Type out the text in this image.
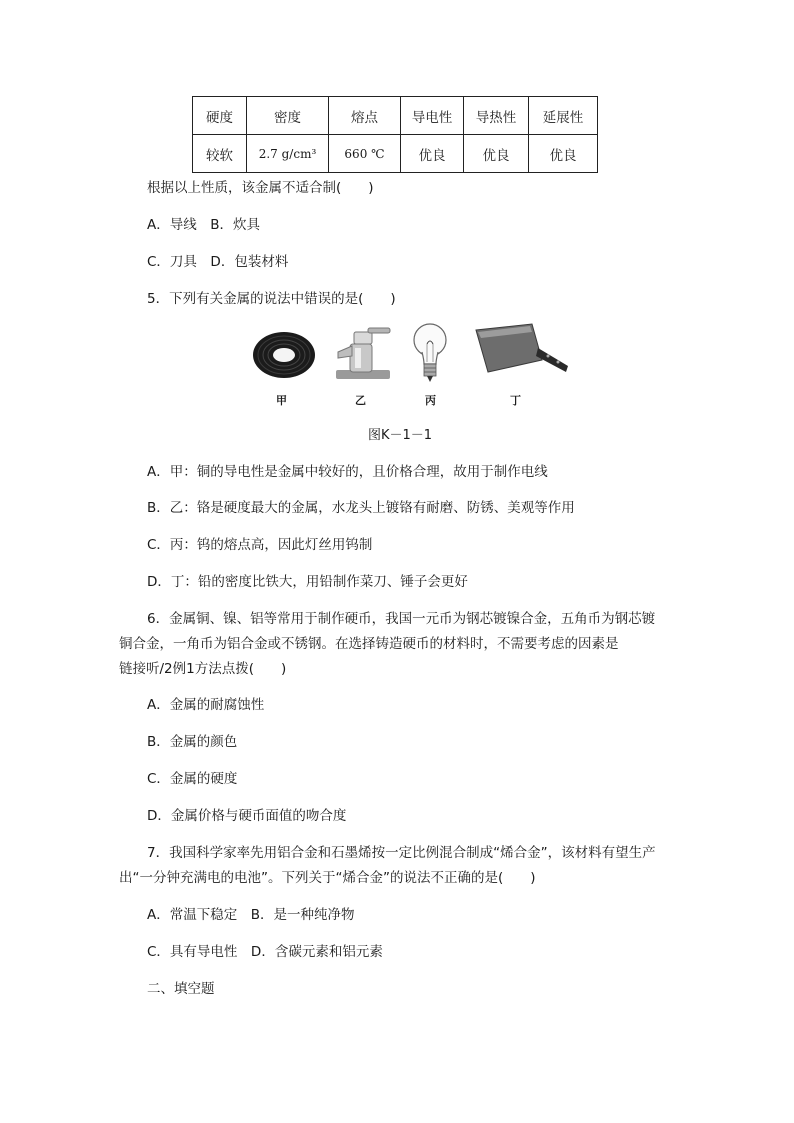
硬度	密度	熔点	导电性	导热性	延展性
较软	2.7 g/cm³	660 ℃	优良	优良	优良
根据以上性质，该金属不适合制(　　)
A．导线　B．炊具
C．刀具　D．包装材料
5．下列有关金属的说法中错误的是(　　)
甲	乙	丙	丁
图K－1－1
A．甲：铜的导电性是金属中较好的，且价格合理，故用于制作电线
B．乙：铬是硬度最大的金属，水龙头上镀铬有耐磨、防锈、美观等作用
C．丙：钨的熔点高，因此灯丝用钨制
D．丁：铅的密度比铁大，用铅制作菜刀、锤子会更好
6．金属铜、镍、铝等常用于制作硬币，我国一元币为钢芯镀镍合金，五角币为钢芯镀
铜合金，一角币为铝合金或不锈钢。在选择铸造硬币的材料时，不需要考虑的因素是
链接听/2例1方法点拨(　　)
A．金属的耐腐蚀性
B．金属的颜色
C．金属的硬度
D．金属价格与硬币面值的吻合度
7．我国科学家率先用铝合金和石墨烯按一定比例混合制成“烯合金”，该材料有望生产
出“一分钟充满电的电池”。下列关于“烯合金”的说法不正确的是(　　)
A．常温下稳定　B．是一种纯净物
C．具有导电性　D．含碳元素和铝元素
二、填空题
